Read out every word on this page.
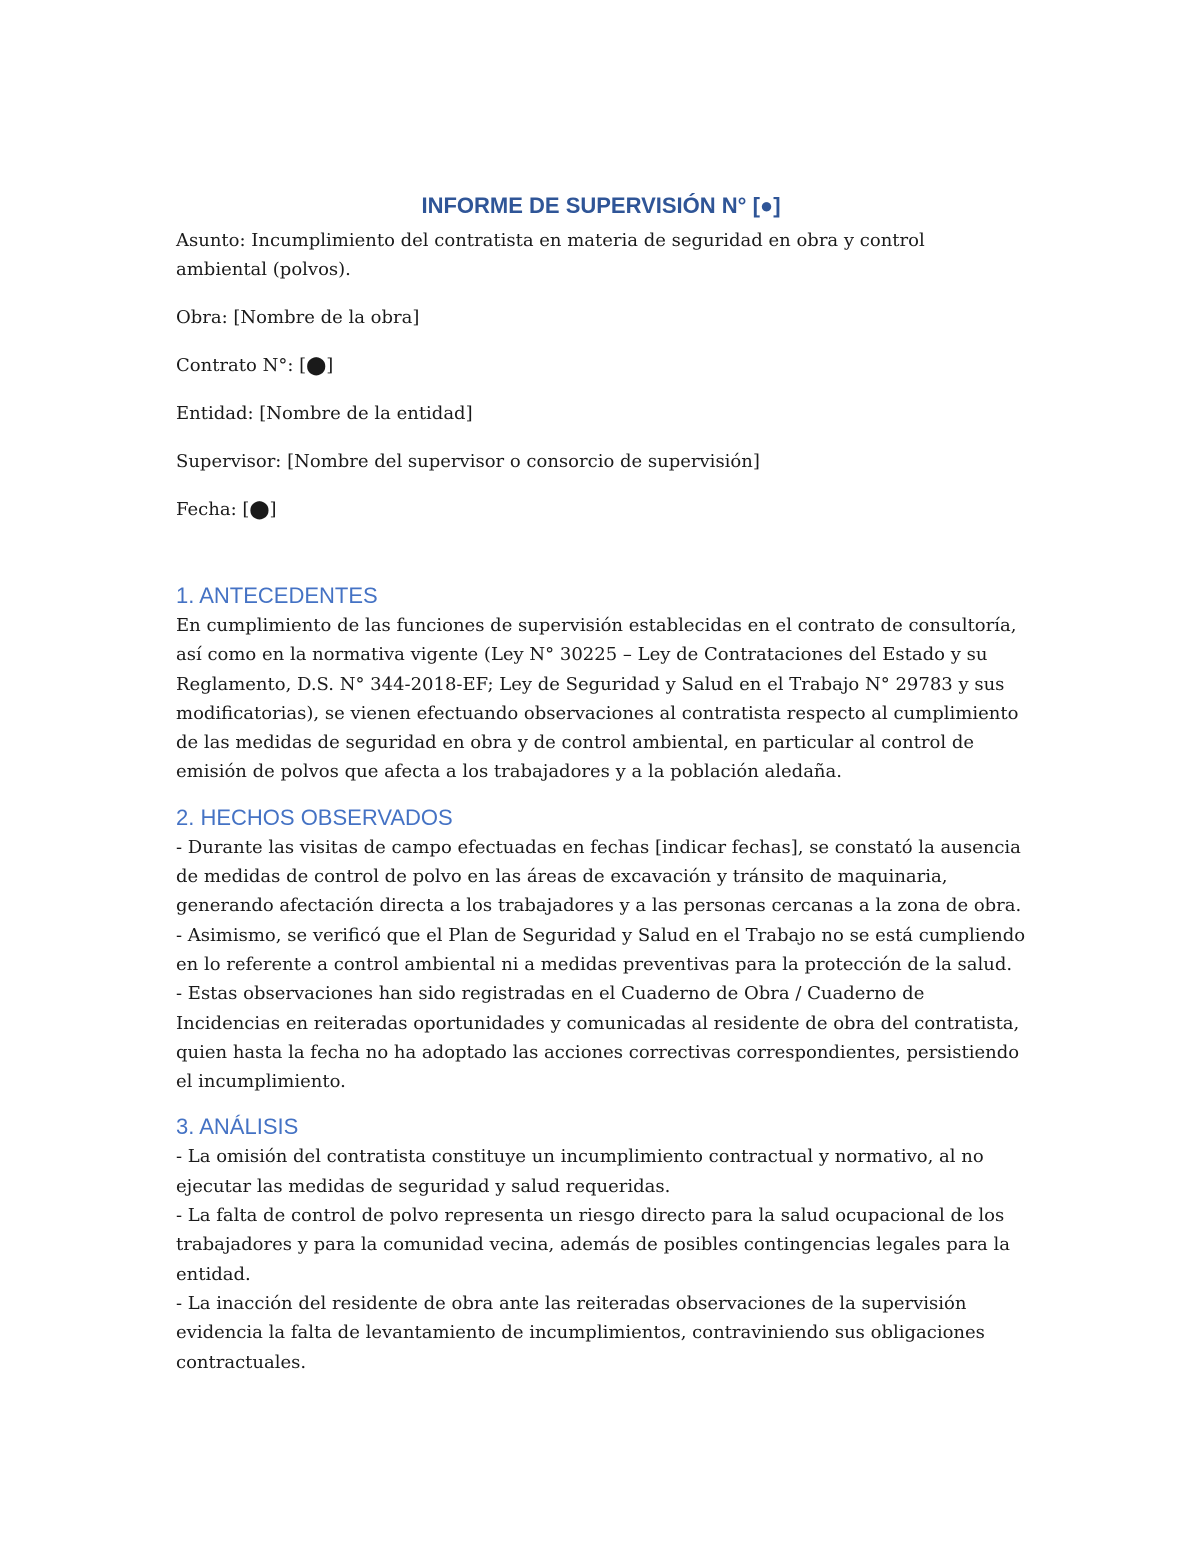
INFORME DE SUPERVISIÓN N° [●]

Asunto: Incumplimiento del contratista en materia de seguridad en obra y control
ambiental (polvos).

Obra: [Nombre de la obra]

Contrato N°: [⬤]

Entidad: [Nombre de la entidad]

Supervisor: [Nombre del supervisor o consorcio de supervisión]

Fecha: [⬤]

1. ANTECEDENTES

En cumplimiento de las funciones de supervisión establecidas en el contrato de consultoría,
así como en la normativa vigente (Ley N° 30225 – Ley de Contrataciones del Estado y su
Reglamento, D.S. N° 344-2018-EF; Ley de Seguridad y Salud en el Trabajo N° 29783 y sus
modificatorias), se vienen efectuando observaciones al contratista respecto al cumplimiento
de las medidas de seguridad en obra y de control ambiental, en particular al control de
emisión de polvos que afecta a los trabajadores y a la población aledaña.

2. HECHOS OBSERVADOS

- Durante las visitas de campo efectuadas en fechas [indicar fechas], se constató la ausencia
de medidas de control de polvo en las áreas de excavación y tránsito de maquinaria,
generando afectación directa a los trabajadores y a las personas cercanas a la zona de obra.
- Asimismo, se verificó que el Plan de Seguridad y Salud en el Trabajo no se está cumpliendo
en lo referente a control ambiental ni a medidas preventivas para la protección de la salud.
- Estas observaciones han sido registradas en el Cuaderno de Obra / Cuaderno de
Incidencias en reiteradas oportunidades y comunicadas al residente de obra del contratista,
quien hasta la fecha no ha adoptado las acciones correctivas correspondientes, persistiendo
el incumplimiento.

3. ANÁLISIS

- La omisión del contratista constituye un incumplimiento contractual y normativo, al no
ejecutar las medidas de seguridad y salud requeridas.
- La falta de control de polvo representa un riesgo directo para la salud ocupacional de los
trabajadores y para la comunidad vecina, además de posibles contingencias legales para la
entidad.
- La inacción del residente de obra ante las reiteradas observaciones de la supervisión
evidencia la falta de levantamiento de incumplimientos, contraviniendo sus obligaciones
contractuales.
